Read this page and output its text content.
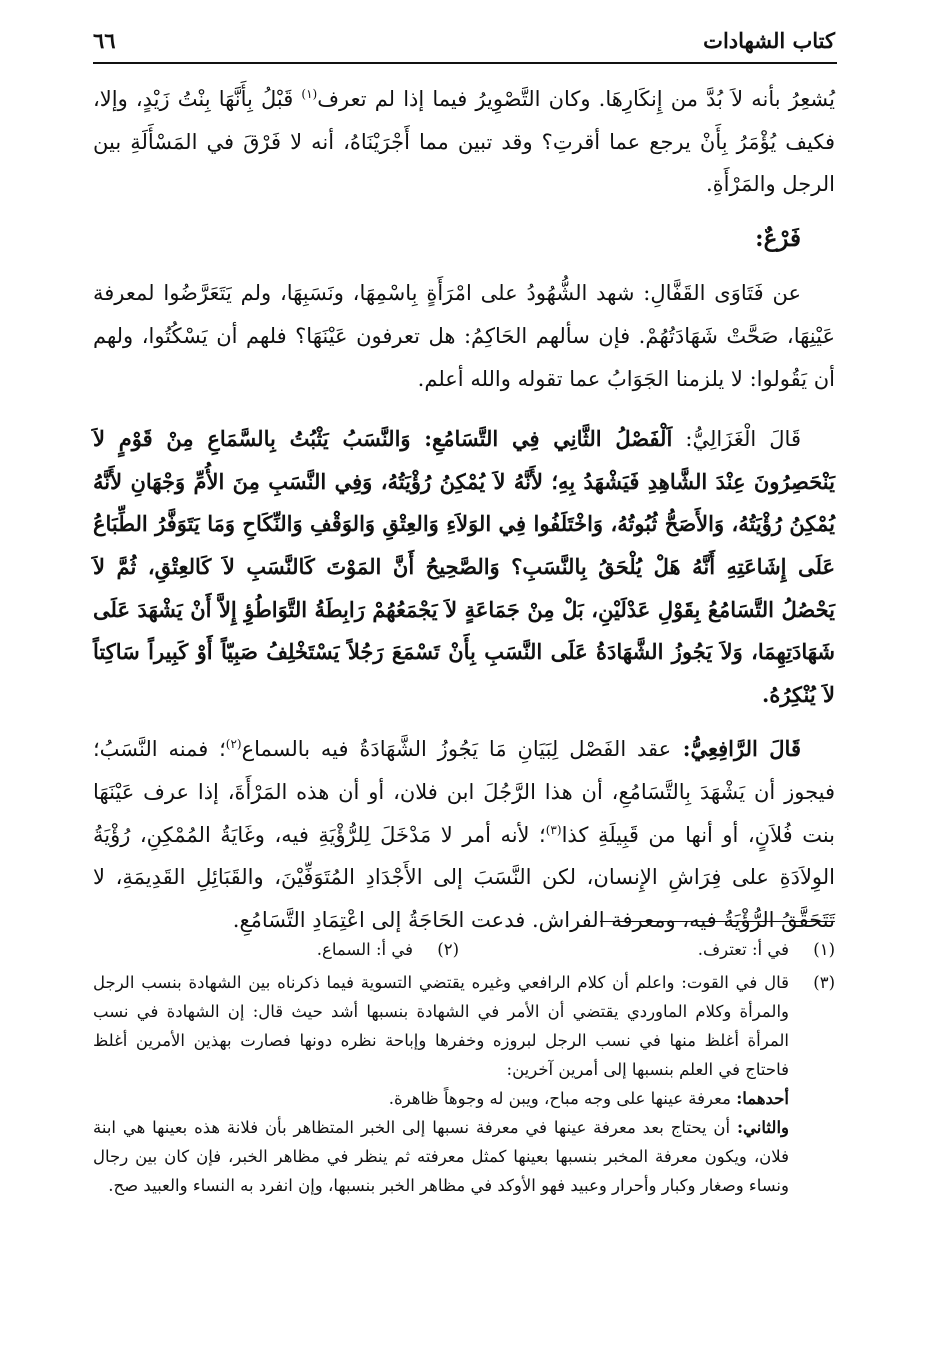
كتاب الشهادات
٦٦

يُشعِرُ بأنه لاَ بُدَّ من إِنكَارِهَا. وكان التَّصْوِيرُ فيما إذا لم تعرف$^{(١)}$ قَبْلُ بِأَنَّهَا بِنْتُ زَيْدٍ، وإلا، فكيف يُؤْمَرُ بِأَنْ يرجع عما أقرتِ؟ وقد تبين مما أَجْرَيْنَاهُ، أنه لا فَرْقَ في المَسْأَلَةِ بين الرجل والمَرْأَةِ.

فَرْعٌ:

عن فَتَاوَى القَفَّالِ: شهد الشُّهُودُ على امْرَأَةٍ بِاسْمِهَا، ونَسَبِهَا، ولم يَتَعَرَّضُوا لمعرفة عَيْنِهَا، صَحَّتْ شَهَادَتُهُمْ. فإن سألهم الحَاكِمُ: هل تعرفون عَيْنَهَا؟ فلهم أن يَسْكُتُوا، ولهم أن يَقُولوا: لا يلزمنا الجَوَابُ عما تقوله والله أعلم.

قَالَ الْغَزَالِيُّ: اَلْفَصْلُ الثَّانِي فِي التَّسَامُعِ: وَالنَّسَبُ يَثْبُتُ بِالسَّمَاعِ مِنْ قَوْمٍ لاَ يَنْحَصِرُونَ عِنْدَ الشَّاهِدِ فَيَشْهَدُ بِهِ؛ لأَنَّهُ لاَ يُمْكِنُ رُؤْيَتُهُ، وَفِي النَّسَبِ مِنَ الأُمِّ وَجْهَانِ لأَنَّهُ يُمْكِنُ رُؤْيَتُهُ، وَالأَصَحُّ ثُبُوتُهُ، وَاخْتَلَفُوا فِي الوَلاَءِ وَالعِتْقِ وَالوَقْفِ وَالنِّكَاحِ وَمَا يَتَوَفَّرُ الطِّبَاعُ عَلَى إِشَاعَتِهِ أَنَّهُ هَلْ يُلْحَقُ بِالنَّسَبِ؟ وَالصَّحِيحُ أَنَّ المَوْتَ كَالنَّسَبِ لاَ كَالعِتْقِ، ثُمَّ لاَ يَحْصُلُ التَّسَامُعُ بِقَوْلِ عَدْلَيْنِ، بَلْ مِنْ جَمَاعَةٍ لاَ يَجْمَعُهُمْ رَابِطَةُ التَّوَاطُؤِ إِلاَّ أَنْ يَشْهَدَ عَلَى شَهَادَتِهِمَا، وَلاَ يَجُوزُ الشَّهَادَةُ عَلَى النَّسَبِ بِأَنْ تَسْمَعَ رَجُلاً يَسْتَخْلِفُ صَبِيّاً أَوْ كَبِيراً سَاكِتاً لاَ يُنْكِرُهُ.

قَالَ الرَّافِعِيُّ: عقد الفَصْل لِبَيَانِ مَا يَجُوزُ الشَّهَادَةُ فيه بالسماع$^{(٢)}$؛ فمنه النَّسَبُ؛ فيجوز أن يَشْهَدَ بِالتَّسَامُعِ، أن هذا الرَّجُلَ ابن فلان، أو أن هذه المَرْأَةَ، إذا عرف عَيْنَهَا بنت فُلاَنٍ، أو أنها من قَبِيلَةِ كذا$^{(٣)}$؛ لأنه أمر لا مَدْخَلَ لِلرُّؤْيَةِ فيه، وغَايَةُ المُمْكِنِ، رُؤْيَةُ الوِلاَدَةِ على فِرَاشِ الإِنسان، لكن النَّسَبَ إلى الأَجْدَادِ المُتَوَفِّيْنَ، والقَبَائِلِ القَدِيمَةِ، لا تَتَحَقَّقُ الرُّؤْيَةُ فيه، ومعرفة الفراش. فدعت الحَاجَةُ إلى اعْتِمَادِ التَّسَامُعِ.

(١)
في أ: تعترف.
(٢)
في أ: السماع.
(٣)
قال في القوت: واعلم أن كلام الرافعي وغيره يقتضي التسوية فيما ذكرناه بين الشهادة بنسب الرجل والمرأة وكلام الماوردي يقتضي أن الأمر في الشهادة بنسبها أشد حيث قال: إن الشهادة في نسب المرأة أغلظ منها في نسب الرجل لبروزه وخفرها وإباحة نظره دونها فصارت بهذين الأمرين أغلظ فاحتاج في العلم بنسبها إلى أمرين آخرين:

أحدهما: معرفة عينها على وجه مباح، ويبن له وجوهاً ظاهرة.

والثاني: أن يحتاج بعد معرفة عينها في معرفة نسبها إلى الخبر المتظاهر بأن فلانة هذه بعينها هي ابنة فلان، ويكون معرفة المخبر بنسبها بعينها كمثل معرفته ثم ينظر في مظاهر الخبر، فإن كان بين رجال ونساء وصغار وكبار وأحرار وعبيد فهو الأوكد في مظاهر الخبر بنسبها، وإن انفرد به النساء والعبيد صح.
